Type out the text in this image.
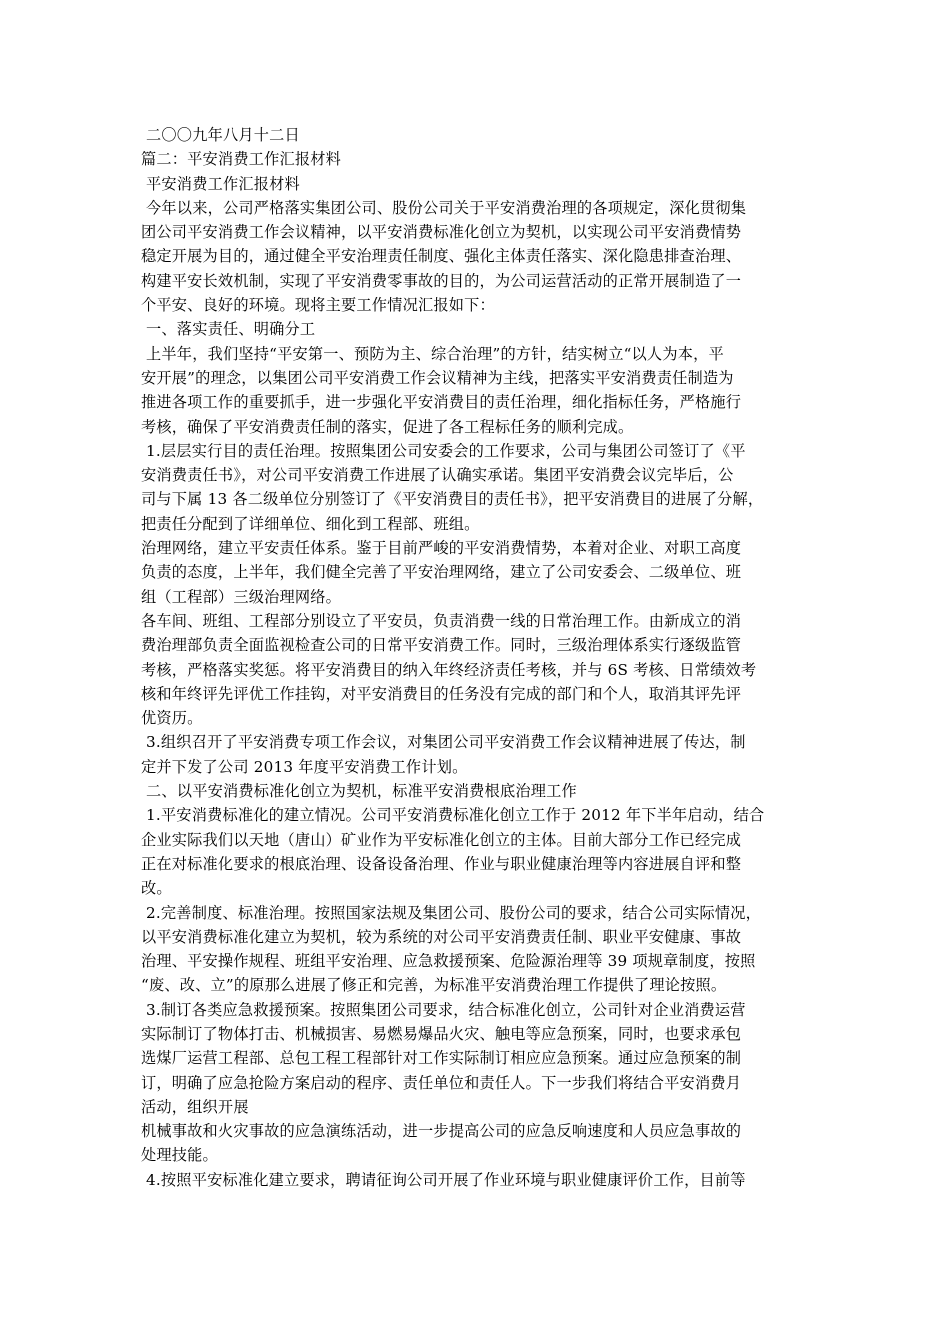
二〇〇九年八月十二日
篇二：平安消费工作汇报材料
平安消费工作汇报材料
今年以来，公司严格落实集团公司、股份公司关于平安消费治理的各项规定，深化贯彻集
团公司平安消费工作会议精神，以平安消费标准化创立为契机，以实现公司平安消费情势
稳定开展为目的，通过健全平安治理责任制度、强化主体责任落实、深化隐患排查治理、
构建平安长效机制，实现了平安消费零事故的目的，为公司运营活动的正常开展制造了一
个平安、良好的环境。现将主要工作情况汇报如下：
一、落实责任、明确分工
上半年，我们坚持“平安第一、预防为主、综合治理”的方针，结实树立“以人为本，平
安开展”的理念，以集团公司平安消费工作会议精神为主线，把落实平安消费责任制造为
推进各项工作的重要抓手，进一步强化平安消费目的责任治理，细化指标任务，严格施行
考核，确保了平安消费责任制的落实，促进了各工程标任务的顺利完成。
1.层层实行目的责任治理。按照集团公司安委会的工作要求，公司与集团公司签订了《平
安消费责任书》，对公司平安消费工作进展了认确实承诺。集团平安消费会议完毕后，公
司与下属 13 各二级单位分别签订了《平安消费目的责任书》，把平安消费目的进展了分解，
把责任分配到了详细单位、细化到工程部、班组。
治理网络，建立平安责任体系。鉴于目前严峻的平安消费情势，本着对企业、对职工高度
负责的态度，上半年，我们健全完善了平安治理网络，建立了公司安委会、二级单位、班
组（工程部）三级治理网络。
各车间、班组、工程部分别设立了平安员，负责消费一线的日常治理工作。由新成立的消
费治理部负责全面监视检查公司的日常平安消费工作。同时，三级治理体系实行逐级监管
考核，严格落实奖惩。将平安消费目的纳入年终经济责任考核，并与 6S 考核、日常绩效考
核和年终评先评优工作挂钩，对平安消费目的任务没有完成的部门和个人，取消其评先评
优资历。
3.组织召开了平安消费专项工作会议，对集团公司平安消费工作会议精神进展了传达，制
定并下发了公司 2013 年度平安消费工作计划。
二、以平安消费标准化创立为契机，标准平安消费根底治理工作
1.平安消费标准化的建立情况。公司平安消费标准化创立工作于 2012 年下半年启动，结合
企业实际我们以天地（唐山）矿业作为平安标准化创立的主体。目前大部分工作已经完成
正在对标准化要求的根底治理、设备设备治理、作业与职业健康治理等内容进展自评和整
改。
2.完善制度、标准治理。按照国家法规及集团公司、股份公司的要求，结合公司实际情况，
以平安消费标准化建立为契机，较为系统的对公司平安消费责任制、职业平安健康、事故
治理、平安操作规程、班组平安治理、应急救援预案、危险源治理等 39 项规章制度，按照
“废、改、立”的原那么进展了修正和完善，为标准平安消费治理工作提供了理论按照。
3.制订各类应急救援预案。按照集团公司要求，结合标准化创立，公司针对企业消费运营
实际制订了物体打击、机械损害、易燃易爆品火灾、触电等应急预案，同时，也要求承包
选煤厂运营工程部、总包工程工程部针对工作实际制订相应应急预案。通过应急预案的制
订，明确了应急抢险方案启动的程序、责任单位和责任人。下一步我们将结合平安消费月
活动，组织开展
机械事故和火灾事故的应急演练活动，进一步提高公司的应急反响速度和人员应急事故的
处理技能。
4.按照平安标准化建立要求，聘请征询公司开展了作业环境与职业健康评价工作，目前等
